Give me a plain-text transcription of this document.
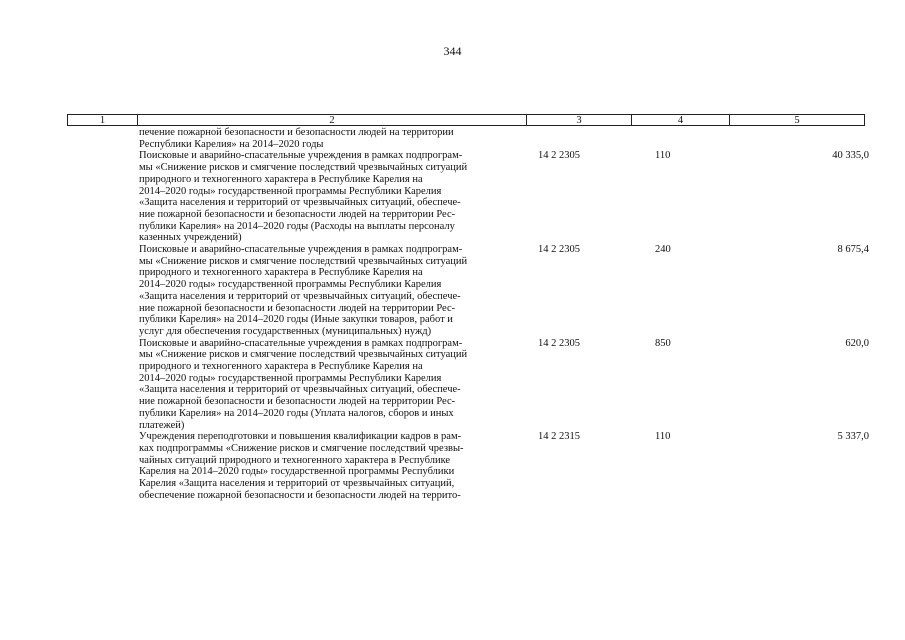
344
1	2	3	4	5

печение пожарной безопасности и безопасности людей на территории
Республики Карелия» на 2014–2020 годы

Поисковые и аварийно-спасательные учреждения в рамках подпрограм-
мы «Снижение рисков и смягчение последствий чрезвычайных ситуаций
природного и техногенного характера в Республике Карелия на
2014–2020 годы» государственной программы Республики Карелия
«Защита населения и территорий от чрезвычайных ситуаций, обеспече-
ние пожарной безопасности и безопасности людей на территории Рес-
публики Карелия» на 2014–2020 годы (Расходы на выплаты персоналу
казенных учреждений)

14 2 2305	110	40 335,0

Поисковые и аварийно-спасательные учреждения в рамках подпрограм-
мы «Снижение рисков и смягчение последствий чрезвычайных ситуаций
природного и техногенного характера в Республике Карелия на
2014–2020 годы» государственной программы Республики Карелия
«Защита населения и территорий от чрезвычайных ситуаций, обеспече-
ние пожарной безопасности и безопасности людей на территории Рес-
публики Карелия» на 2014–2020 годы (Иные закупки товаров, работ и
услуг для обеспечения государственных (муниципальных) нужд)

14 2 2305	240	8 675,4

Поисковые и аварийно-спасательные учреждения в рамках подпрограм-
мы «Снижение рисков и смягчение последствий чрезвычайных ситуаций
природного и техногенного характера в Республике Карелия на
2014–2020 годы» государственной программы Республики Карелия
«Защита населения и территорий от чрезвычайных ситуаций, обеспече-
ние пожарной безопасности и безопасности людей на территории Рес-
публики Карелия» на 2014–2020 годы (Уплата налогов, сборов и иных
платежей)

14 2 2305	850	620,0

Учреждения переподготовки и повышения квалификации кадров в рам-
ках подпрограммы «Снижение рисков и смягчение последствий чрезвы-
чайных ситуаций природного и техногенного характера в Республике
Карелия на 2014–2020 годы» государственной программы Республики
Карелия «Защита населения и территорий от чрезвычайных ситуаций,
обеспечение пожарной безопасности и безопасности людей на террито-

14 2 2315	110	5 337,0
